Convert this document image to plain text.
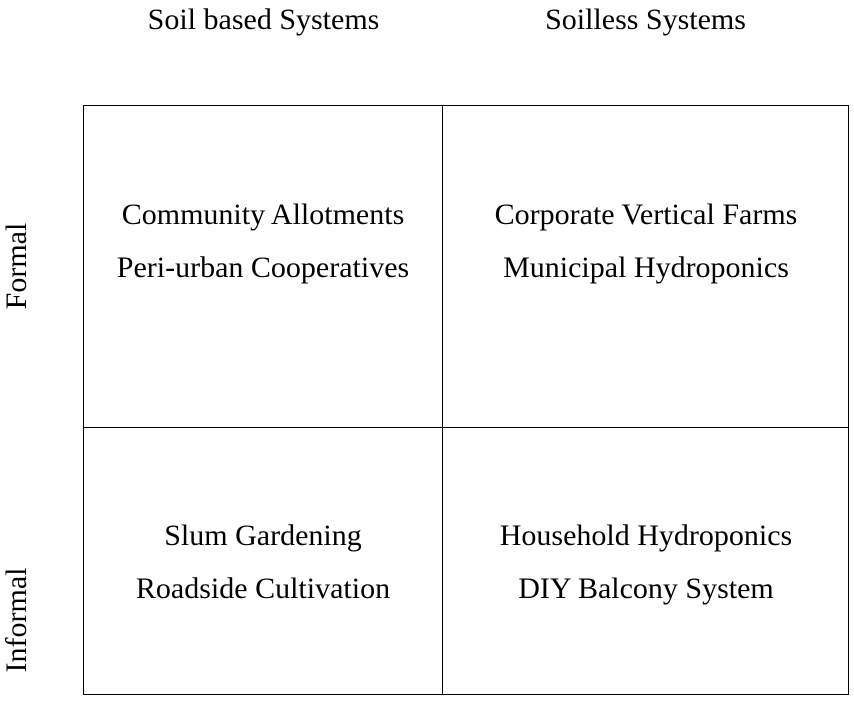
Soil based Systems	Soilless Systems
Formal
Informal
Community Allotments
Peri-urban Cooperatives
Corporate Vertical Farms
Municipal Hydroponics
Slum Gardening
Roadside Cultivation
Household Hydroponics
DIY Balcony System
